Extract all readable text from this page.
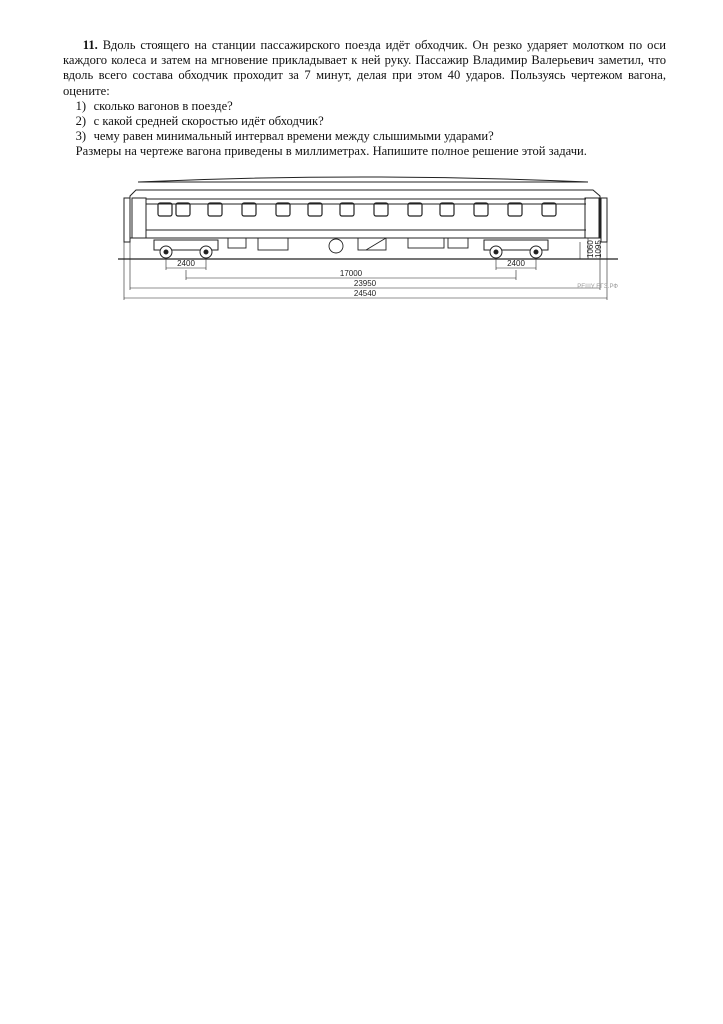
11. Вдоль стоящего на станции пассажирского поезда идёт обходчик. Он резко ударяет молотком по оси каждого колеса и затем на мгновение прикладывает к ней руку. Пассажир Владимир Валерьевич заметил, что вдоль всего состава обходчик проходит за 7 минут, делая при этом 40 ударов. Пользуясь чертежом вагона, оцените:

1) сколько вагонов в поезде?

2) с какой средней скоростью идёт обходчик?

3) чему равен минимальный интервал времени между слышимыми ударами?

Размеры на чертеже вагона приведены в миллиметрах. Напишите полное решение этой задачи.

2400	2400
17000
23950
24540
1060 1095
РЕШУ ЕГЭ.РФ
